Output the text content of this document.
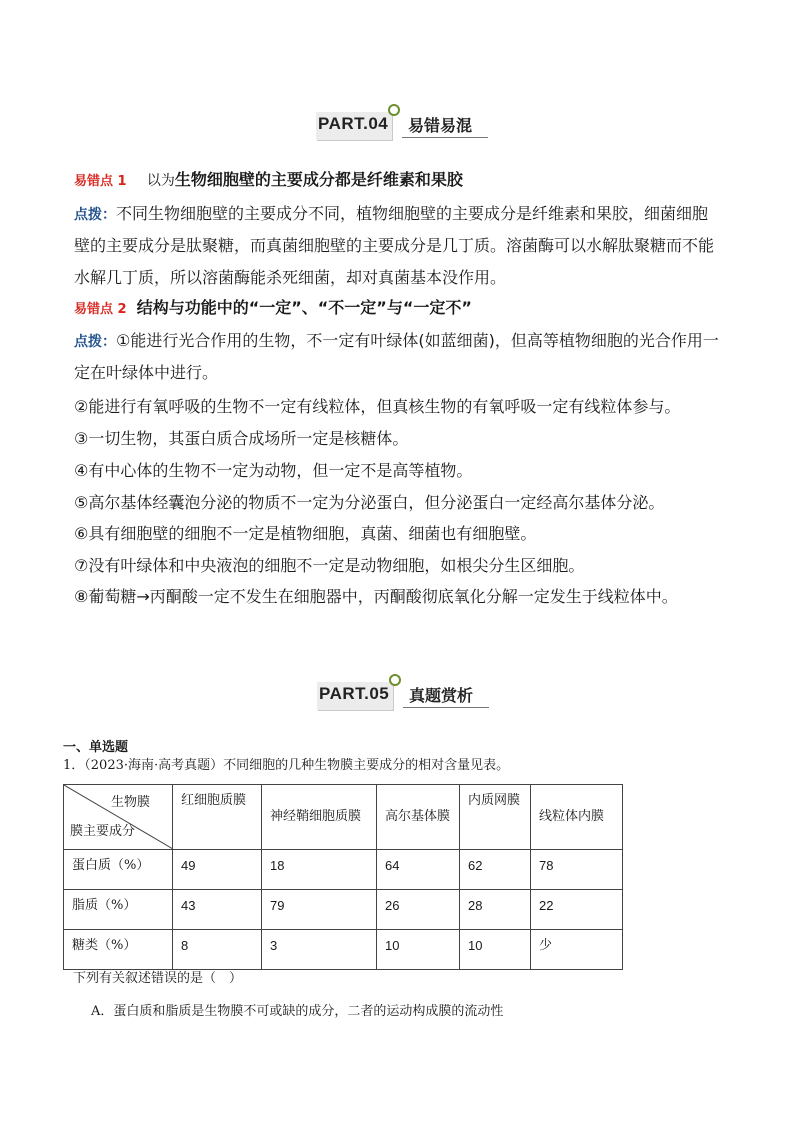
PART.04 易错易混
易错点 1 以为生物细胞壁的主要成分都是纤维素和果胶
点拨：不同生物细胞壁的主要成分不同，植物细胞壁的主要成分是纤维素和果胶，细菌细胞
壁的主要成分是肽聚糖，而真菌细胞壁的主要成分是几丁质。溶菌酶可以水解肽聚糖而不能
水解几丁质，所以溶菌酶能杀死细菌，却对真菌基本没作用。
易错点 2 结构与功能中的“一定”、“不一定”与“一定不”
点拨：①能进行光合作用的生物，不一定有叶绿体(如蓝细菌)，但高等植物细胞的光合作用一
定在叶绿体中进行。
②能进行有氧呼吸的生物不一定有线粒体，但真核生物的有氧呼吸一定有线粒体参与。
③一切生物，其蛋白质合成场所一定是核糖体。
④有中心体的生物不一定为动物，但一定不是高等植物。
⑤高尔基体经囊泡分泌的物质不一定为分泌蛋白，但分泌蛋白一定经高尔基体分泌。
⑥具有细胞壁的细胞不一定是植物细胞，真菌、细菌也有细胞壁。
⑦没有叶绿体和中央液泡的细胞不一定是动物细胞，如根尖分生区细胞。
⑧葡萄糖→丙酮酸一定不发生在细胞器中，丙酮酸彻底氧化分解一定发生于线粒体中。
PART.05 真题赏析
一、单选题
1．（2023·海南·高考真题）不同细胞的几种生物膜主要成分的相对含量见表。
生物膜
膜主要成分	红细胞质膜	神经鞘细胞质膜	高尔基体膜	内质网膜	线粒体内膜
蛋白质（%）	49	18	64	62	78
脂质（%）	43	79	26	28	22
糖类（%）	8	3	10	10	少
下列有关叙述错误的是（　）
A．蛋白质和脂质是生物膜不可或缺的成分，二者的运动构成膜的流动性
